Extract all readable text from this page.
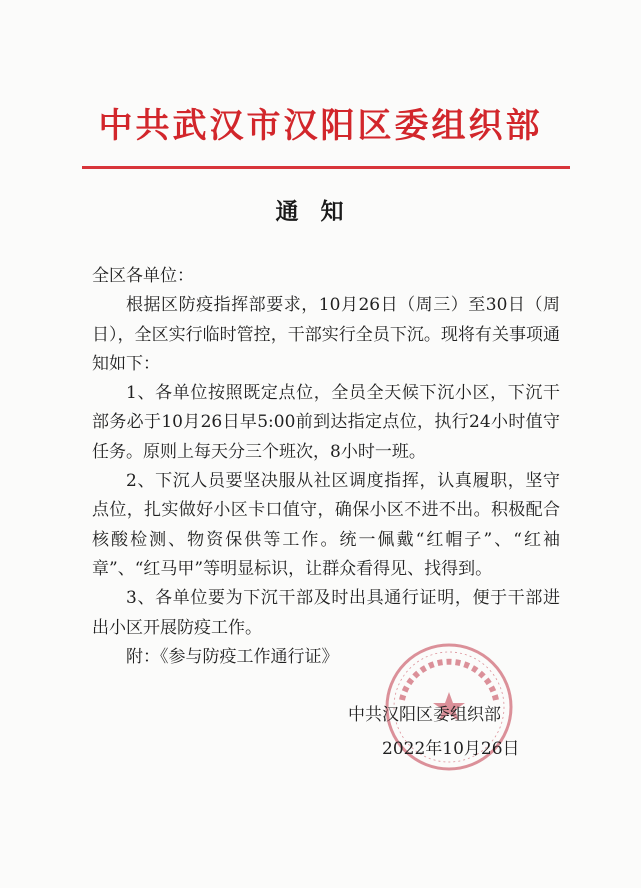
中共武汉市汉阳区委组织部
通知

全区各单位：

根据区防疫指挥部要求，10月26日（周三）至30日（周日），全区实行临时管控，干部实行全员下沉。现将有关事项通知如下：

1、各单位按照既定点位，全员全天候下沉小区，下沉干部务必于10月26日早5:00前到达指定点位，执行24小时值守任务。原则上每天分三个班次，8小时一班。

2、下沉人员要坚决服从社区调度指挥，认真履职，坚守点位，扎实做好小区卡口值守，确保小区不进不出。积极配合核酸检测、物资保供等工作。统一佩戴“红帽子”、“红袖章”、“红马甲”等明显标识，让群众看得见、找得到。

3、各单位要为下沉干部及时出具通行证明，便于干部进出小区开展防疫工作。

附：《参与防疫工作通行证》

中共汉阳区委组织部
2022年10月26日
